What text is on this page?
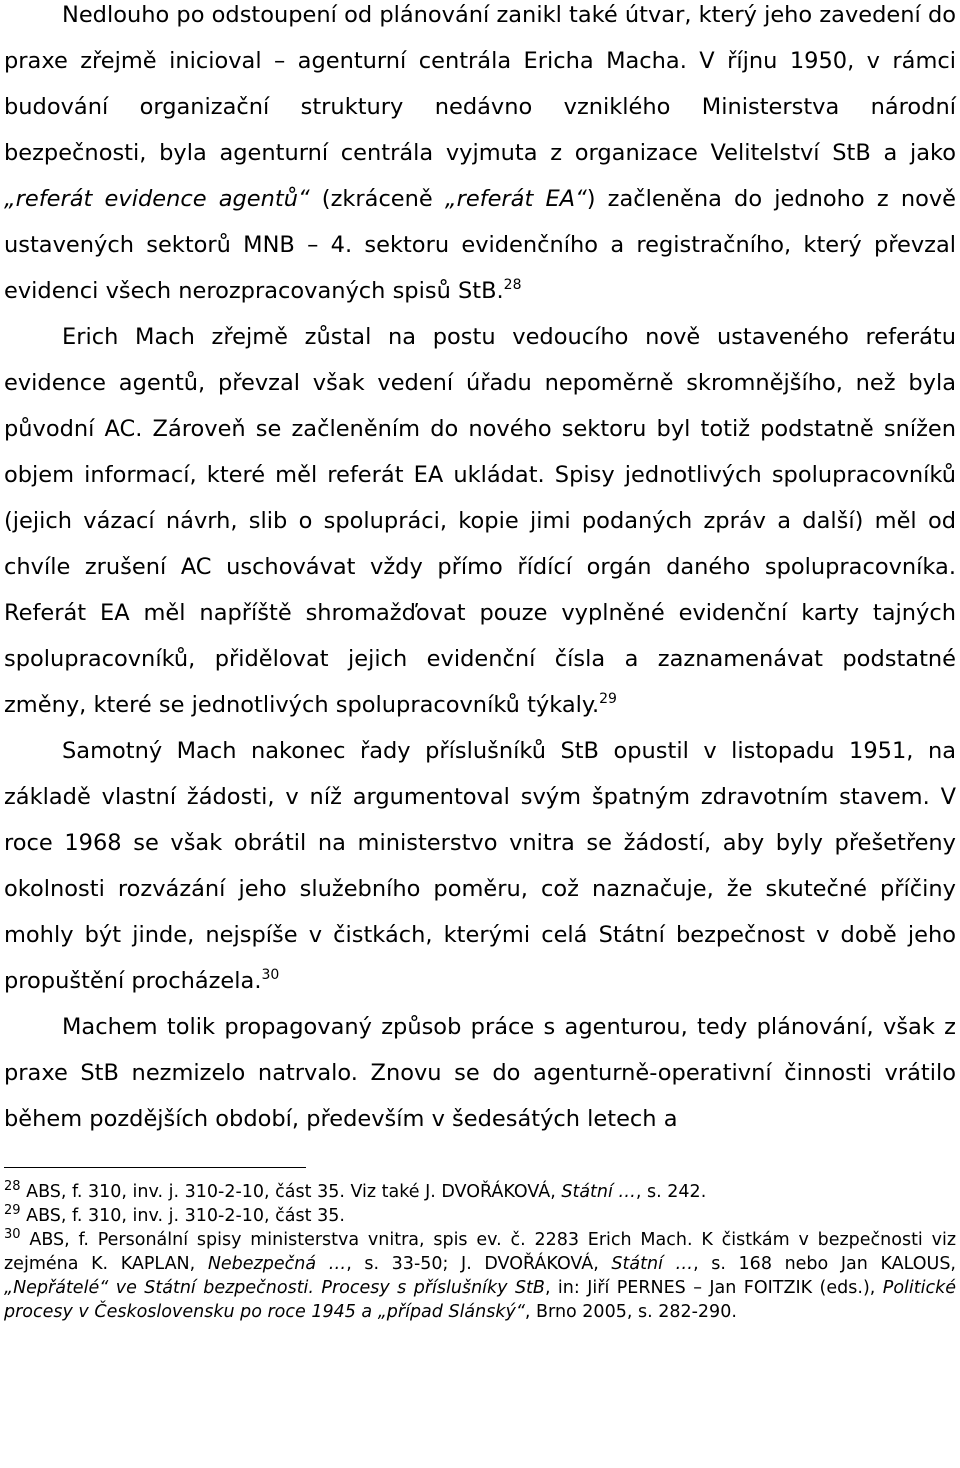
Nedlouho po odstoupení od plánování zanikl také útvar, který jeho zavedení do praxe zřejmě inicioval – agenturní centrála Ericha Macha. V říjnu 1950, v rámci budování organizační struktury nedávno vzniklého Ministerstva národní bezpečnosti, byla agenturní centrála vyjmuta z organizace Velitelství StB a jako „referát evidence agentů“ (zkráceně „referát EA“) začleněna do jednoho z nově ustavených sektorů MNB – 4. sektoru evidenčního a registračního, který převzal evidenci všech nerozpracovaných spisů StB.$^{28}$

Erich Mach zřejmě zůstal na postu vedoucího nově ustaveného referátu evidence agentů, převzal však vedení úřadu nepoměrně skromnějšího, než byla původní AC. Zároveň se začleněním do nového sektoru byl totiž podstatně snížen objem informací, které měl referát EA ukládat. Spisy jednotlivých spolupracovníků (jejich vázací návrh, slib o spolupráci, kopie jimi podaných zpráv a další) měl od chvíle zrušení AC uschovávat vždy přímo řídící orgán daného spolupracovníka. Referát EA měl napříště shromažďovat pouze vyplněné evidenční karty tajných spolupracovníků, přidělovat jejich evidenční čísla a zaznamenávat podstatné změny, které se jednotlivých spolupracovníků týkaly.$^{29}$

Samotný Mach nakonec řady příslušníků StB opustil v listopadu 1951, na základě vlastní žádosti, v níž argumentoval svým špatným zdravotním stavem. V roce 1968 se však obrátil na ministerstvo vnitra se žádostí, aby byly přešetřeny okolnosti rozvázání jeho služebního poměru, což naznačuje, že skutečné příčiny mohly být jinde, nejspíše v čistkách, kterými celá Státní bezpečnost v době jeho propuštění procházela.$^{30}$

Machem tolik propagovaný způsob práce s agenturou, tedy plánování, však z praxe StB nezmizelo natrvalo. Znovu se do agenturně-operativní činnosti vrátilo během pozdějších období, především v šedesátých letech a

$^{28}$ ABS, f. 310, inv. j. 310-2-10, část 35. Viz také J. DVOŘÁKOVÁ, Státní …, s. 242.

$^{29}$ ABS, f. 310, inv. j. 310-2-10, část 35.

$^{30}$ ABS, f. Personální spisy ministerstva vnitra, spis ev. č. 2283 Erich Mach. K čistkám v bezpečnosti viz zejména K. KAPLAN, Nebezpečná …, s. 33-50; J. DVOŘÁKOVÁ, Státní …, s. 168 nebo Jan KALOUS, „Nepřátelé“ ve Státní bezpečnosti. Procesy s příslušníky StB, in: Jiří PERNES – Jan FOITZIK (eds.), Politické procesy v Československu po roce 1945 a „případ Slánský“, Brno 2005, s. 282-290.
